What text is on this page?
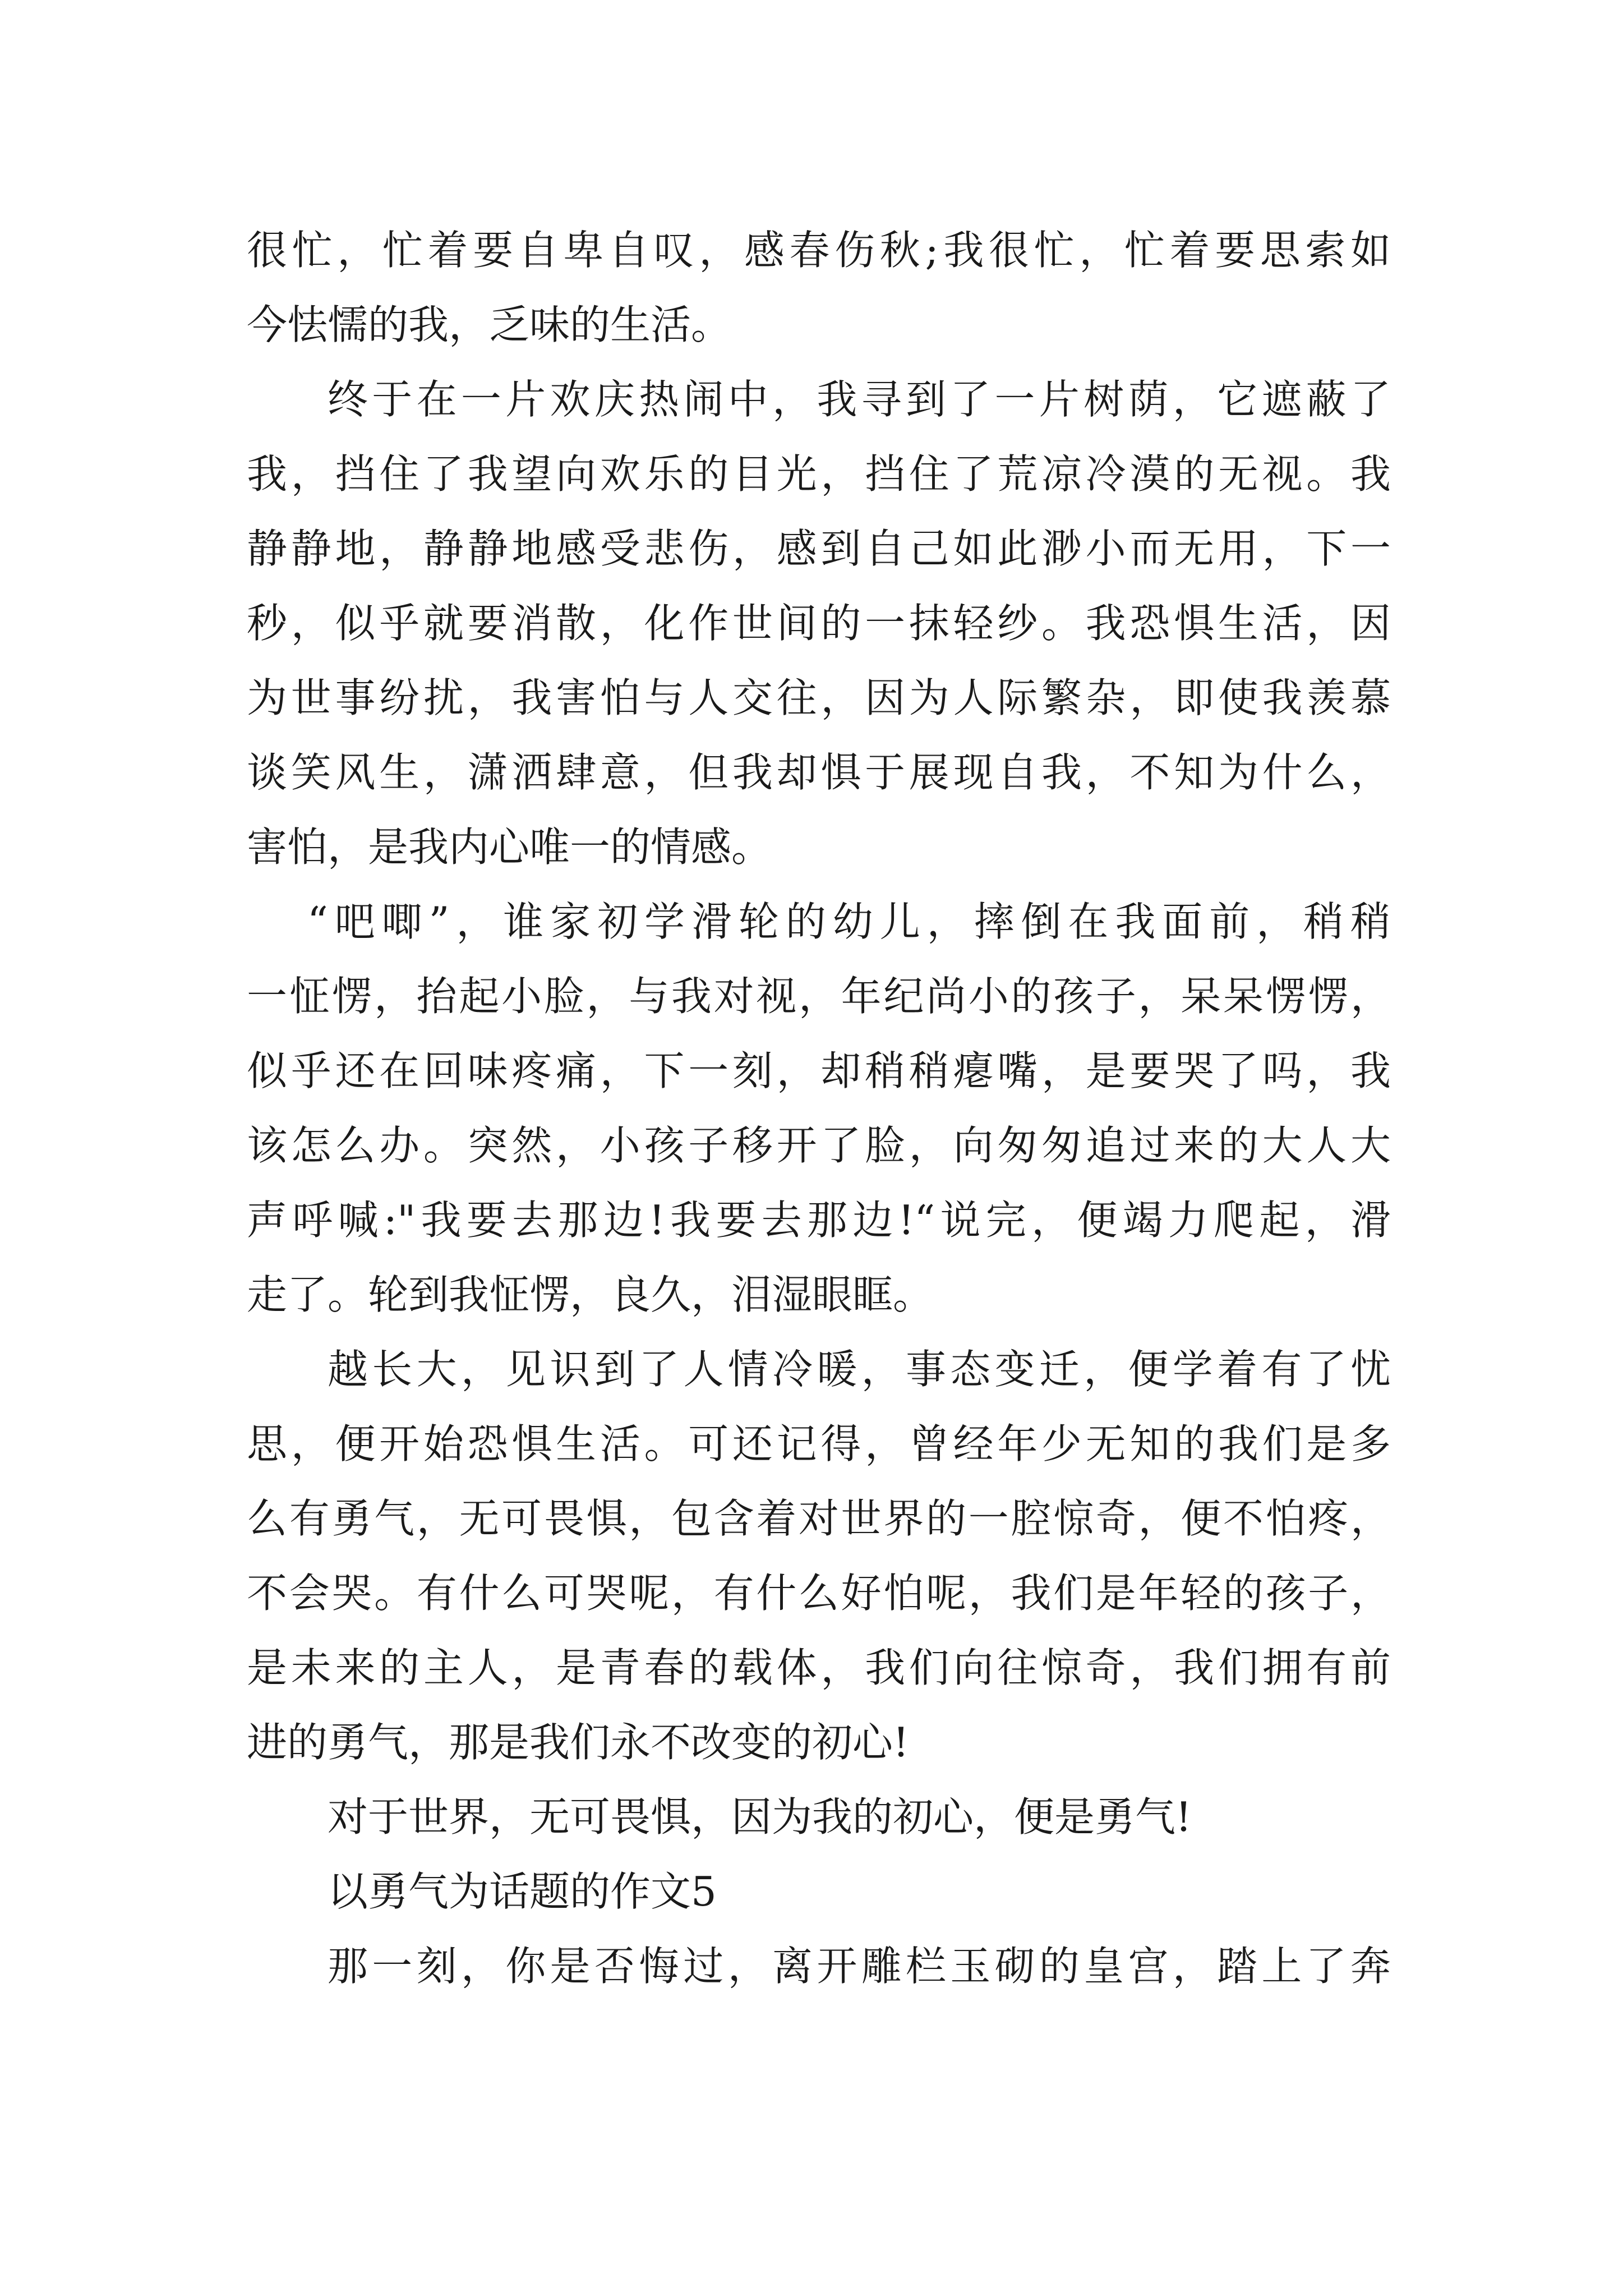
很忙，忙着要自卑自叹，感春伤秋;我很忙，忙着要思索如
今怯懦的我，乏味的生活。
终于在一片欢庆热闹中，我寻到了一片树荫，它遮蔽了
我，挡住了我望向欢乐的目光，挡住了荒凉冷漠的无视。我
静静地，静静地感受悲伤，感到自己如此渺小而无用，下一
秒，似乎就要消散，化作世间的一抹轻纱。我恐惧生活，因
为世事纷扰，我害怕与人交往，因为人际繁杂，即使我羡慕
谈笑风生，潇洒肆意，但我却惧于展现自我，不知为什么，
害怕，是我内心唯一的情感。
“吧唧”，谁家初学滑轮的幼儿，摔倒在我面前，稍稍
一怔愣，抬起小脸，与我对视，年纪尚小的孩子，呆呆愣愣，
似乎还在回味疼痛，下一刻，却稍稍瘪嘴，是要哭了吗，我
该怎么办。突然，小孩子移开了脸，向匆匆追过来的大人大
声呼喊:"我要去那边!我要去那边!“说完，便竭力爬起，滑
走了。轮到我怔愣，良久，泪湿眼眶。
越长大，见识到了人情冷暖，事态变迁，便学着有了忧
思，便开始恐惧生活。可还记得，曾经年少无知的我们是多
么有勇气，无可畏惧，包含着对世界的一腔惊奇，便不怕疼，
不会哭。有什么可哭呢，有什么好怕呢，我们是年轻的孩子，
是未来的主人，是青春的载体，我们向往惊奇，我们拥有前
进的勇气，那是我们永不改变的初心!
对于世界，无可畏惧，因为我的初心，便是勇气!
以勇气为话题的作文5
那一刻，你是否悔过，离开雕栏玉砌的皇宫，踏上了奔
